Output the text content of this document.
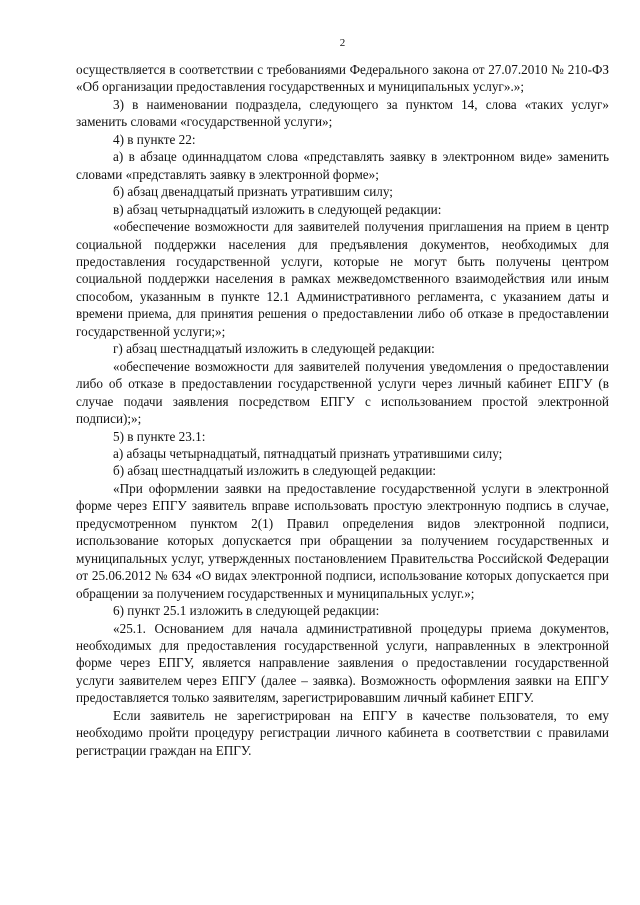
2

осуществляется в соответствии с требованиями Федерального закона от 27.07.2010 № 210-ФЗ «Об организации предоставления государственных и муниципальных услуг».»;

3) в наименовании подраздела, следующего за пунктом 14, слова «таких услуг» заменить словами «государственной услуги»;

4) в пункте 22:

а) в абзаце одиннадцатом слова «представлять заявку в электронном виде» заменить словами «представлять заявку в электронной форме»;

б) абзац двенадцатый признать утратившим силу;

в) абзац четырнадцатый изложить в следующей редакции:

«обеспечение возможности для заявителей получения приглашения на прием в центр социальной поддержки населения для предъявления документов, необходимых для предоставления государственной услуги, которые не могут быть получены центром социальной поддержки населения в рамках межведомственного взаимодействия или иным способом, указанным в пункте 12.1 Административного регламента, с указанием даты и времени приема, для принятия решения о предоставлении либо об отказе в предоставлении государственной услуги;»;

г) абзац шестнадцатый изложить в следующей редакции:

«обеспечение возможности для заявителей получения уведомления о предоставлении либо об отказе в предоставлении государственной услуги через личный кабинет ЕПГУ (в случае подачи заявления посредством ЕПГУ с использованием простой электронной подписи);»;

5) в пункте 23.1:

а) абзацы четырнадцатый, пятнадцатый признать утратившими силу;

б) абзац шестнадцатый изложить в следующей редакции:

«При оформлении заявки на предоставление государственной услуги в электронной форме через ЕПГУ заявитель вправе использовать простую электронную подпись в случае, предусмотренном пунктом 2(1) Правил определения видов электронной подписи, использование которых допускается при обращении за получением государственных и муниципальных услуг, утвержденных постановлением Правительства Российской Федерации от 25.06.2012 № 634 «О видах электронной подписи, использование которых допускается при обращении за получением государственных и муниципальных услуг.»;

6) пункт 25.1 изложить в следующей редакции:

«25.1. Основанием для начала административной процедуры приема документов, необходимых для предоставления государственной услуги, направленных в электронной форме через ЕПГУ, является направление заявления о предоставлении государственной услуги заявителем через ЕПГУ (далее – заявка). Возможность оформления заявки на ЕПГУ предоставляется только заявителям, зарегистрировавшим личный кабинет ЕПГУ.

Если заявитель не зарегистрирован на ЕПГУ в качестве пользователя, то ему необходимо пройти процедуру регистрации личного кабинета в соответствии с правилами регистрации граждан на ЕПГУ.
